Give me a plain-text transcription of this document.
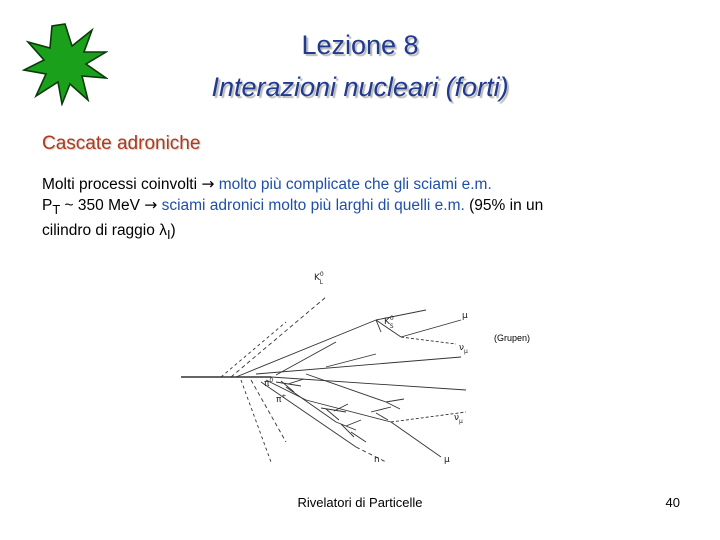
Lezione 8
Interazioni nucleari (forti)
Cascate adroniche
Molti processi coinvolti → molto più complicate che gli sciami e.m.
$P_T$ ~ 350 MeV → sciami adronici molto più larghi di quelli e.m. (95% in un
cilindro di raggio $\lambda_I$)
$K^0$ L
$K^0$ S
μ
$\nu_\mu$
$\pi^0$
π+
$\nu_\mu$
μ
n
(Grupen)
Rivelatori di Particelle	40
